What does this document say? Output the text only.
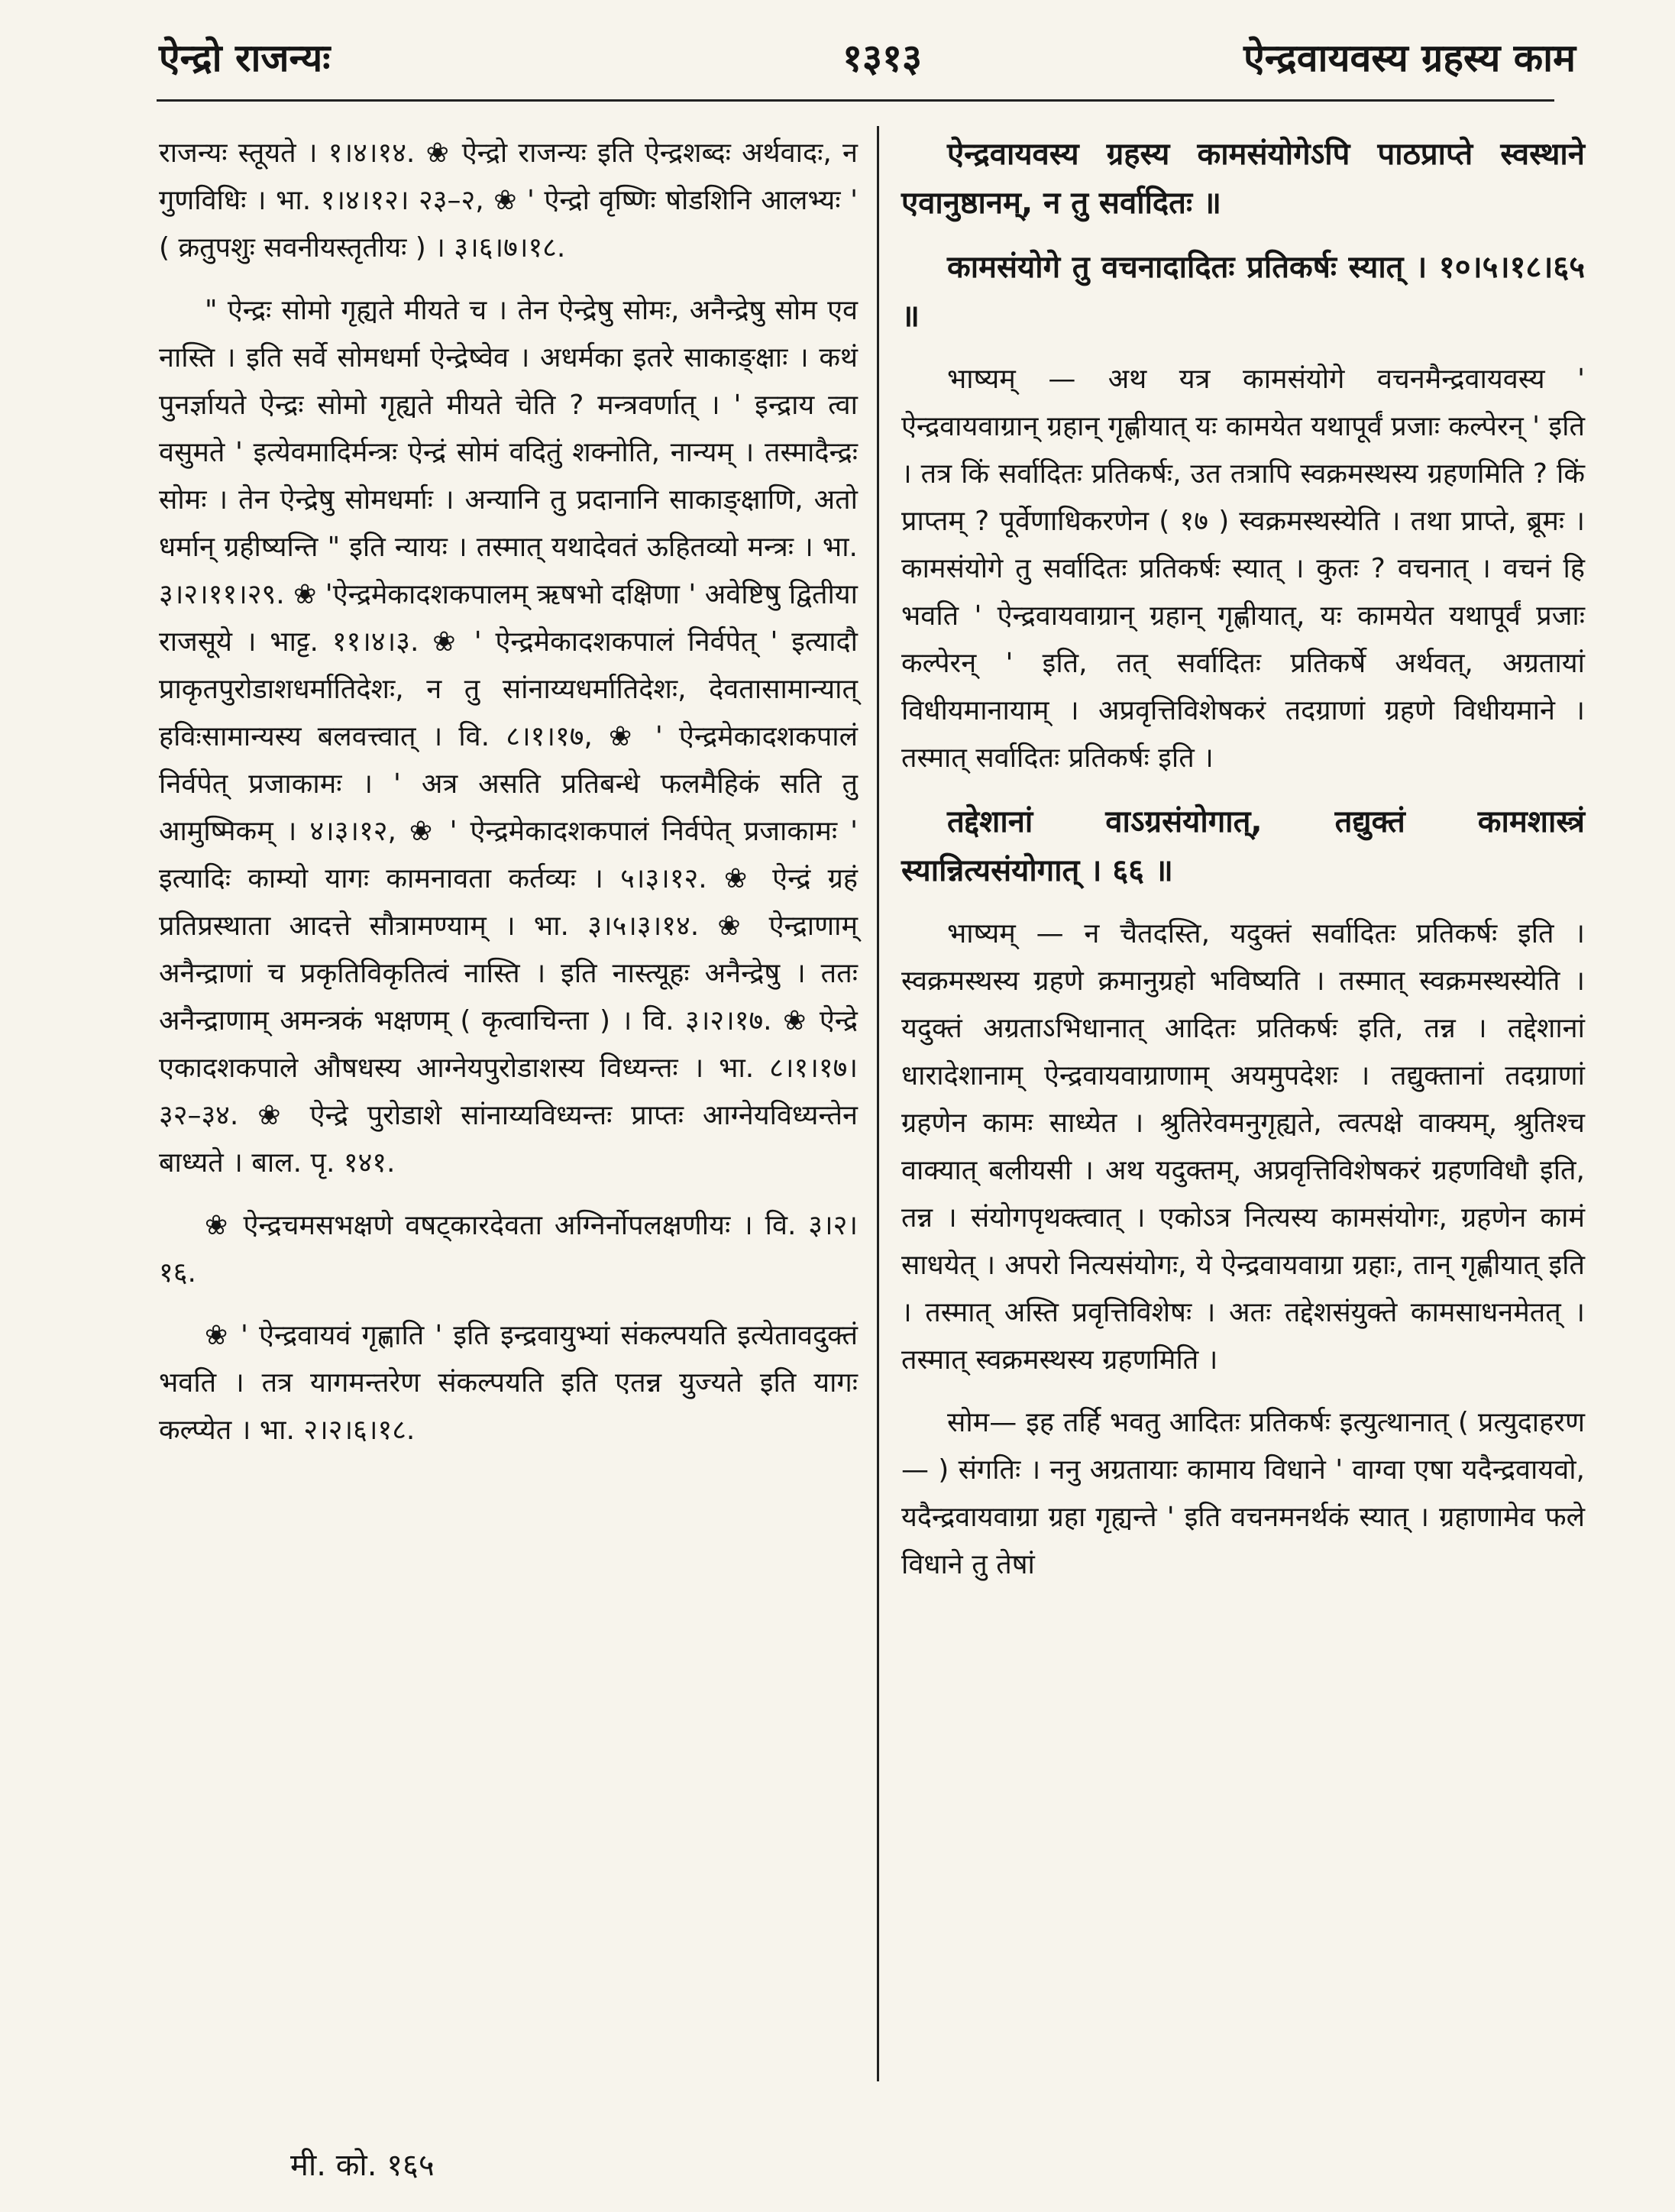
ऐन्द्रो राजन्यः	१३१३	ऐन्द्रवायवस्य ग्रहस्य काम

राजन्यः स्तूयते । १।४।१४. ❀ ऐन्द्रो राजन्यः इति ऐन्द्रशब्दः अर्थवादः, न गुणविधिः । भा. १।४।१२। २३–२, ❀ ' ऐन्द्रो वृष्णिः षोडशिनि आलभ्यः ' ( क्रतुपशुः सवनीयस्तृतीयः ) । ३।६।७।१८.

" ऐन्द्रः सोमो गृह्यते मीयते च । तेन ऐन्द्रेषु सोमः, अनैन्द्रेषु सोम एव नास्ति । इति सर्वे सोमधर्मा ऐन्द्रेष्वेव । अधर्मका इतरे साकाङ्क्षाः । कथं पुनर्ज्ञायते ऐन्द्रः सोमो गृह्यते मीयते चेति ? मन्त्रवर्णात् । ' इन्द्राय त्वा वसुमते ' इत्येवमादिर्मन्त्रः ऐन्द्रं सोमं वदितुं शक्नोति, नान्यम् । तस्मादैन्द्रः सोमः । तेन ऐन्द्रेषु सोमधर्माः । अन्यानि तु प्रदानानि साकाङ्क्षाणि, अतो धर्मान् ग्रहीष्यन्ति " इति न्यायः । तस्मात् यथादेवतं ऊहितव्यो मन्त्रः । भा. ३।२।११।२९. ❀ 'ऐन्द्रमेकादशकपालम् ऋषभो दक्षिणा ' अवेष्टिषु द्वितीया राजसूये । भाट्ट. ११।४।३. ❀ ' ऐन्द्रमेकादशकपालं निर्वपेत् ' इत्यादौ प्राकृतपुरोडाशधर्मातिदेशः, न तु सांनाय्यधर्मातिदेशः, देवतासामान्यात् हविःसामान्यस्य बलवत्त्वात् । वि. ८।१।१७, ❀ ' ऐन्द्रमेकादशकपालं निर्वपेत् प्रजाकामः । ' अत्र असति प्रतिबन्धे फलमैहिकं सति तु आमुष्मिकम् । ४।३।१२, ❀ ' ऐन्द्रमेकादशकपालं निर्वपेत् प्रजाकामः ' इत्यादिः काम्यो यागः कामनावता कर्तव्यः । ५।३।१२. ❀ ऐन्द्रं ग्रहं प्रतिप्रस्थाता आदत्ते सौत्रामण्याम् । भा. ३।५।३।१४. ❀ ऐन्द्राणाम् अनैन्द्राणां च प्रकृतिविकृतित्वं नास्ति । इति नास्त्यूहः अनैन्द्रेषु । ततः अनैन्द्राणाम् अमन्त्रकं भक्षणम् ( कृत्वाचिन्ता ) । वि. ३।२।१७. ❀ ऐन्द्रे एकादशकपाले औषधस्य आग्नेयपुरोडाशस्य विध्यन्तः । भा. ८।१।१७।३२–३४. ❀ ऐन्द्रे पुरोडाशे सांनाय्यविध्यन्तः प्राप्तः आग्नेयविध्यन्तेन बाध्यते । बाल. पृ. १४१.

❀ ऐन्द्रचमसभक्षणे वषट्कारदेवता अग्निर्नोपलक्षणीयः । वि. ३।२।१६.

❀ ' ऐन्द्रवायवं गृह्णाति ' इति इन्द्रवायुभ्यां संकल्पयति इत्येतावदुक्तं भवति । तत्र यागमन्तरेण संकल्पयति इति एतन्न युज्यते इति यागः कल्प्येत । भा. २।२।६।१८.

ऐन्द्रवायवस्य ग्रहस्य कामसंयोगेऽपि पाठप्राप्ते स्वस्थाने एवानुष्ठानम्, न तु सर्वादितः ॥

कामसंयोगे तु वचनादादितः प्रतिकर्षः स्यात् । १०।५।१८।६५ ॥

भाष्यम् — अथ यत्र कामसंयोगे वचनमैन्द्रवायवस्य ' ऐन्द्रवायवाग्रान् ग्रहान् गृह्णीयात् यः कामयेत यथापूर्वं प्रजाः कल्पेरन् ' इति । तत्र किं सर्वादितः प्रतिकर्षः, उत तत्रापि स्वक्रमस्थस्य ग्रहणमिति ? किं प्राप्तम् ? पूर्वेणाधिकरणेन ( १७ ) स्वक्रमस्थस्येति । तथा प्राप्ते, ब्रूमः । कामसंयोगे तु सर्वादितः प्रतिकर्षः स्यात् । कुतः ? वचनात् । वचनं हि भवति ' ऐन्द्रवायवाग्रान् ग्रहान् गृह्णीयात्, यः कामयेत यथापूर्वं प्रजाः कल्पेरन् ' इति, तत् सर्वादितः प्रतिकर्षे अर्थवत्, अग्रतायां विधीयमानायाम् । अप्रवृत्तिविशेषकरं तदग्राणां ग्रहणे विधीयमाने । तस्मात् सर्वादितः प्रतिकर्षः इति ।

तद्देशानां वाऽग्रसंयोगात्, तद्युक्तं कामशास्त्रं स्यान्नित्यसंयोगात् । ६६ ॥

भाष्यम् — न चैतदस्ति, यदुक्तं सर्वादितः प्रतिकर्षः इति । स्वक्रमस्थस्य ग्रहणे क्रमानुग्रहो भविष्यति । तस्मात् स्वक्रमस्थस्येति । यदुक्तं अग्रताऽभिधानात् आदितः प्रतिकर्षः इति, तन्न । तद्देशानां धारादेशानाम् ऐन्द्रवायवाग्राणाम् अयमुपदेशः । तद्युक्तानां तदग्राणां ग्रहणेन कामः साध्येत । श्रुतिरेवमनुगृह्यते, त्वत्पक्षे वाक्यम्, श्रुतिश्च वाक्यात् बलीयसी । अथ यदुक्तम्, अप्रवृत्तिविशेषकरं ग्रहणविधौ इति, तन्न । संयोगपृथक्त्वात् । एकोऽत्र नित्यस्य कामसंयोगः, ग्रहणेन कामं साधयेत् । अपरो नित्यसंयोगः, ये ऐन्द्रवायवाग्रा ग्रहाः, तान् गृह्णीयात् इति । तस्मात् अस्ति प्रवृत्तिविशेषः । अतः तद्देशसंयुक्ते कामसाधनमेतत् । तस्मात् स्वक्रमस्थस्य ग्रहणमिति ।

सोम— इह तर्हि भवतु आदितः प्रतिकर्षः इत्युत्थानात् ( प्रत्युदाहरण — ) संगतिः । ननु अग्रतायाः कामाय विधाने ' वाग्वा एषा यदैन्द्रवायवो, यदैन्द्रवायवाग्रा ग्रहा गृह्यन्ते ' इति वचनमनर्थकं स्यात् । ग्रहाणामेव फले विधाने तु तेषां

मी. को. १६५
